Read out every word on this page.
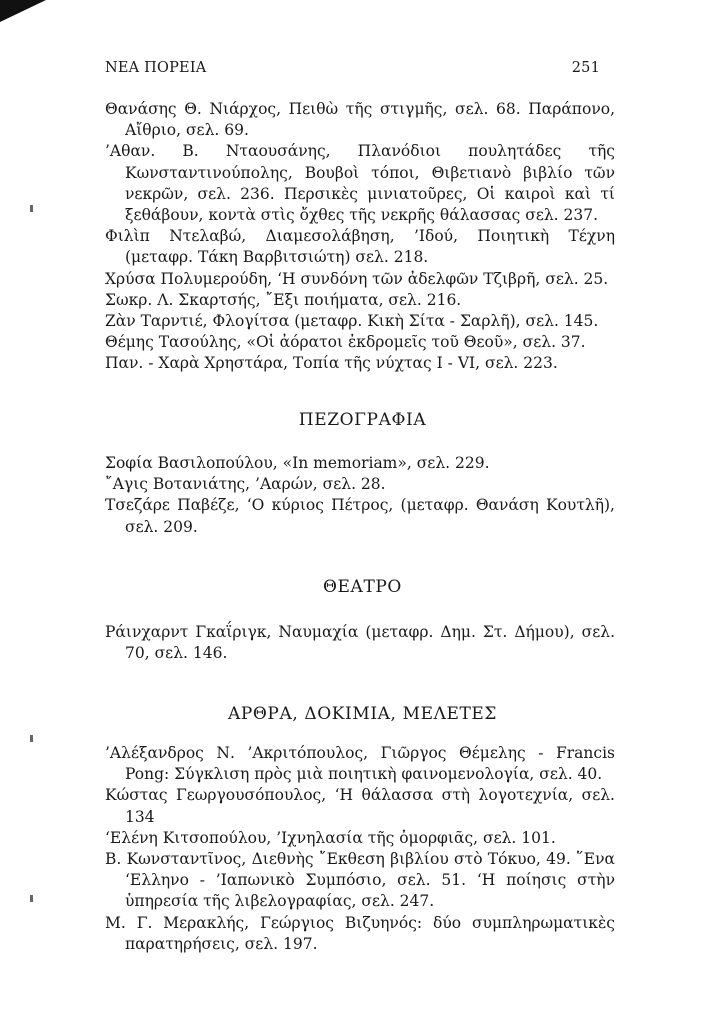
ΝΕΑ ΠΟΡΕΙΑ	251
Θανάσης Θ. Νιάρχος, Πειθὼ τῆς στιγμῆς, σελ. 68. Παράπονο, Αἴθριο, σελ. 69.
’Αθαν. Β. Νταουσάνης, Πλανόδιοι πουλητάδες τῆς Κωνσταντινούπολης, Βουβοὶ τόποι, Θιβετιανὸ βιβλίο τῶν νεκρῶν, σελ. 236. Περσικὲς μινιατοῦρες, Οἱ καιροὶ καὶ τί ξεθάβουν, κοντὰ στὶς ὄχθες τῆς νεκρῆς θάλασσας σελ. 237.
Φιλὶπ Ντελαβώ, Διαμεσολάβηση, ’Ιδού, Ποιητικὴ Τέχνη (μεταφρ. Τάκη Βαρβιτσιώτη) σελ. 218.
Χρύσα Πολυμερούδη, ‘Η συνδόνη τῶν ἀδελφῶν Τζιβρῆ, σελ. 25.
Σωκρ. Λ. Σκαρτσής, ῎Εξι ποιήματα, σελ. 216.
Ζὰν Ταρντιέ, Φλογίτσα (μεταφρ. Κικὴ Σίτα - Σαρλῆ), σελ. 145.
Θέμης Τασούλης, «Οἱ ἀόρατοι ἐκδρομεῖς τοῦ Θεοῦ», σελ. 37.
Παν. - Χαρὰ Χρηστάρα, Τοπία τῆς νύχτας I - VI, σελ. 223.
ΠΕΖΟΓΡΑΦΙΑ
Σοφία Βασιλοπούλου, «In memoriam», σελ. 229.
῎Αγις Βοτανιάτης, ’Ααρών, σελ. 28.
Τσεζάρε Παβέζε, ‘Ο κύριος Πέτρος, (μεταφρ. Θανάση Κουτλῆ), σελ. 209.
ΘΕΑΤΡΟ
Ράινχαρντ Γκαΐριγκ, Ναυμαχία (μεταφρ. Δημ. Στ. Δήμου), σελ. 70, σελ. 146.
ΑΡΘΡΑ, ΔΟΚΙΜΙΑ, ΜΕΛΕΤΕΣ
’Αλέξανδρος Ν. ’Ακριτόπουλος, Γιῶργος Θέμελης - Francis Pong: Σύγκλιση πρὸς μιὰ ποιητικὴ φαινομενολογία, σελ. 40.
Κώστας Γεωργουσόπουλος, ‘Η θάλασσα στὴ λογοτεχνία, σελ. 134
‘Ελένη Κιτσοπούλου, ’Ιχνηλασία τῆς ὀμορφιᾶς, σελ. 101.
Β. Κωνσταντῖνος, Διεθνὴς ῎Εκθεση βιβλίου στὸ Τόκυο, 49. ῞Ενα ‘Ελληνο - ’Ιαπωνικὸ Συμπόσιο, σελ. 51. ‘Η ποίησις στὴν ὑπηρεσία τῆς λιβελογραφίας, σελ. 247.
Μ. Γ. Μερακλής, Γεώργιος Βιζυηνός: δύο συμπληρωματικὲς παρατηρήσεις, σελ. 197.
